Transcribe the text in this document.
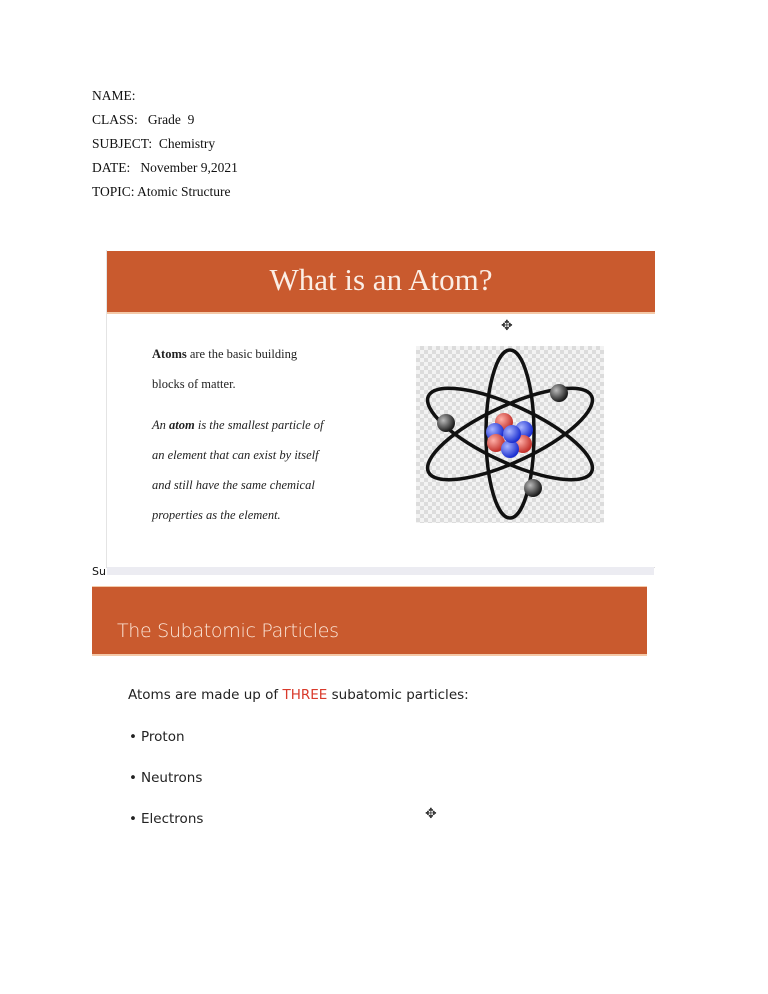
NAME:
CLASS:   Grade  9
SUBJECT:  Chemistry
DATE:   November 9,2021
TOPIC: Atomic Structure
What is an Atom?
✥
Atoms are the basic building
blocks of matter.
An atom is the smallest particle of
an element that can exist by itself
and still have the same chemical
properties as the element.
Su
The Subatomic Particles
Atoms are made up of THREE subatomic particles:
• Proton
• Neutrons
• Electrons	✥
